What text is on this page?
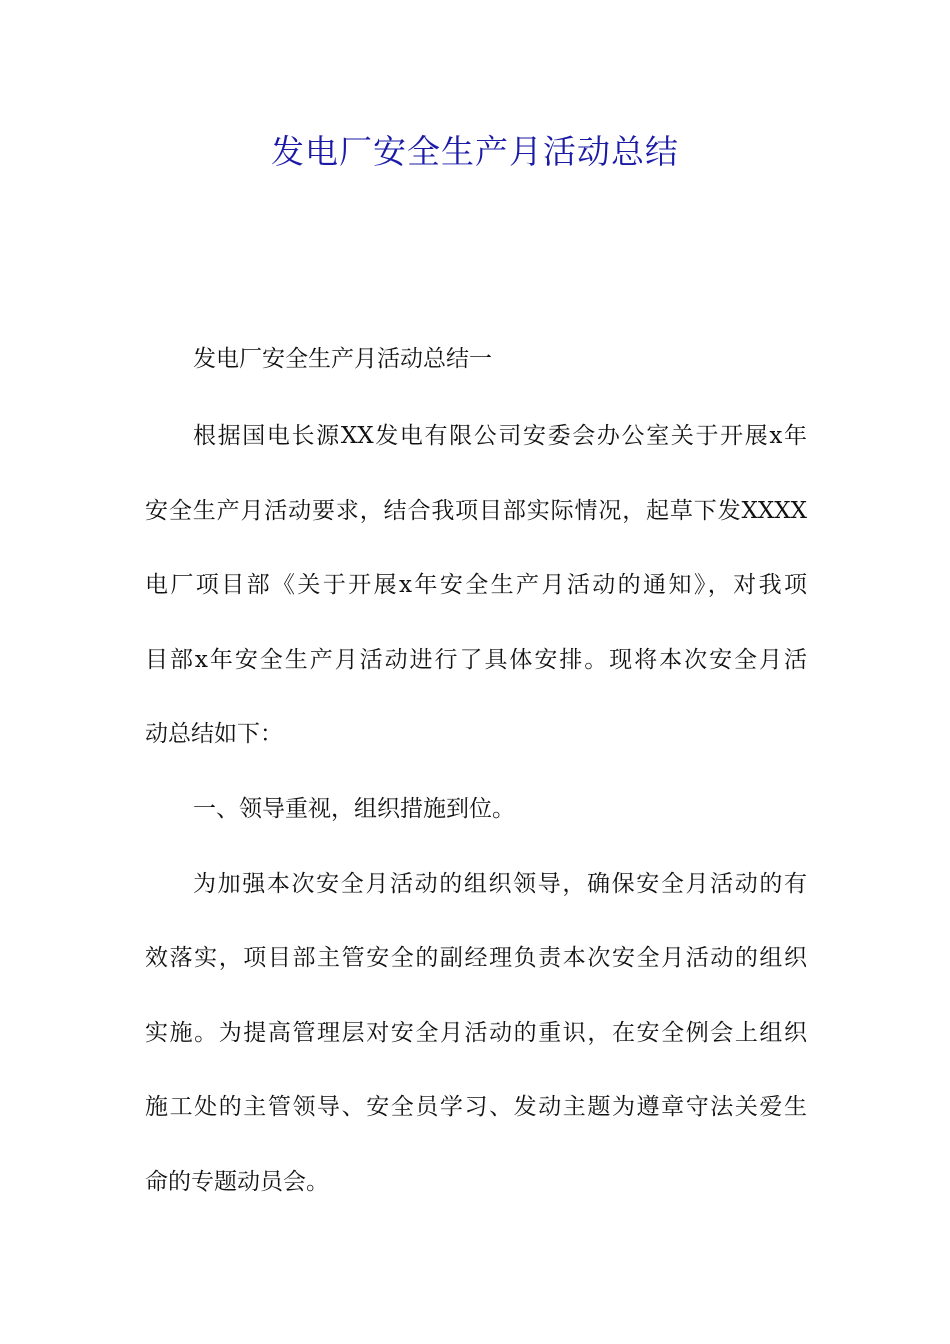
发电厂安全生产月活动总结
发电厂安全生产月活动总结一
根据国电长源XX发电有限公司安委会办公室关于开展x年
安全生产月活动要求，结合我项目部实际情况，起草下发XXXX
电厂项目部《关于开展x年安全生产月活动的通知》，对我项
目部x年安全生产月活动进行了具体安排。现将本次安全月活
动总结如下：
一、领导重视，组织措施到位。
为加强本次安全月活动的组织领导，确保安全月活动的有
效落实，项目部主管安全的副经理负责本次安全月活动的组织
实施。为提高管理层对安全月活动的重识，在安全例会上组织
施工处的主管领导、安全员学习、发动主题为遵章守法关爱生
命的专题动员会。
